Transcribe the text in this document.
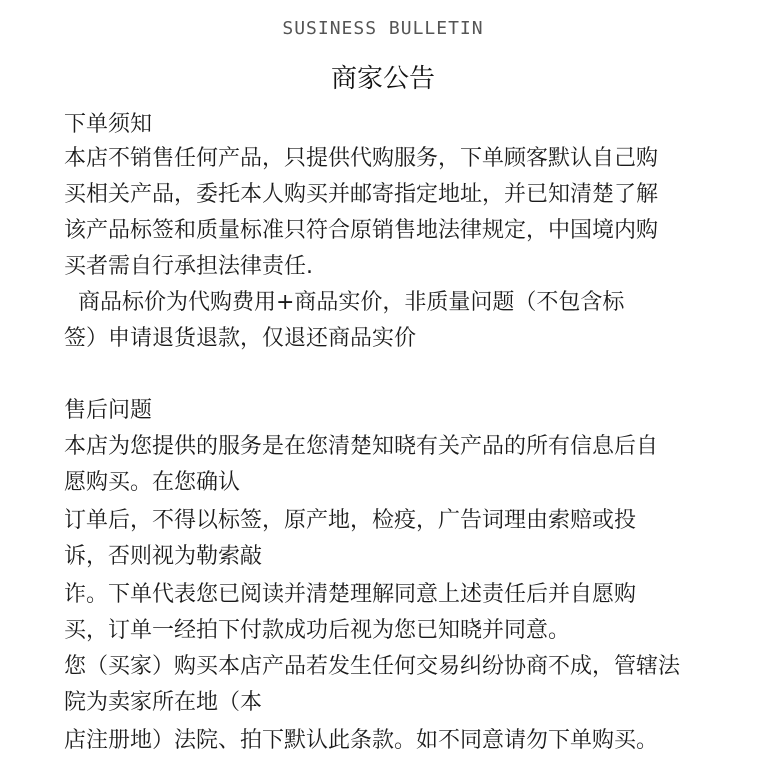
SUSINESS BULLETIN
商家公告
下单须知
本店不销售任何产品，只提供代购服务，下单顾客默认自己购
买相关产品，委托本人购买并邮寄指定地址，并已知清楚了解
该产品标签和质量标准只符合原销售地法律规定，中国境内购
买者需自行承担法律责任.
商品标价为代购费用+商品实价，非质量问题（不包含标
签）申请退货退款，仅退还商品实价
售后问题
本店为您提供的服务是在您清楚知晓有关产品的所有信息后自
愿购买。在您确认
订单后，不得以标签，原产地，检疫，广告词理由索赔或投
诉，否则视为勒索敲
诈。下单代表您已阅读并清楚理解同意上述责任后并自愿购
买，订单一经拍下付款成功后视为您已知晓并同意。
您（买家）购买本店产品若发生任何交易纠纷协商不成，管辖法
院为卖家所在地（本
店注册地）法院、拍下默认此条款。如不同意请勿下单购买。
